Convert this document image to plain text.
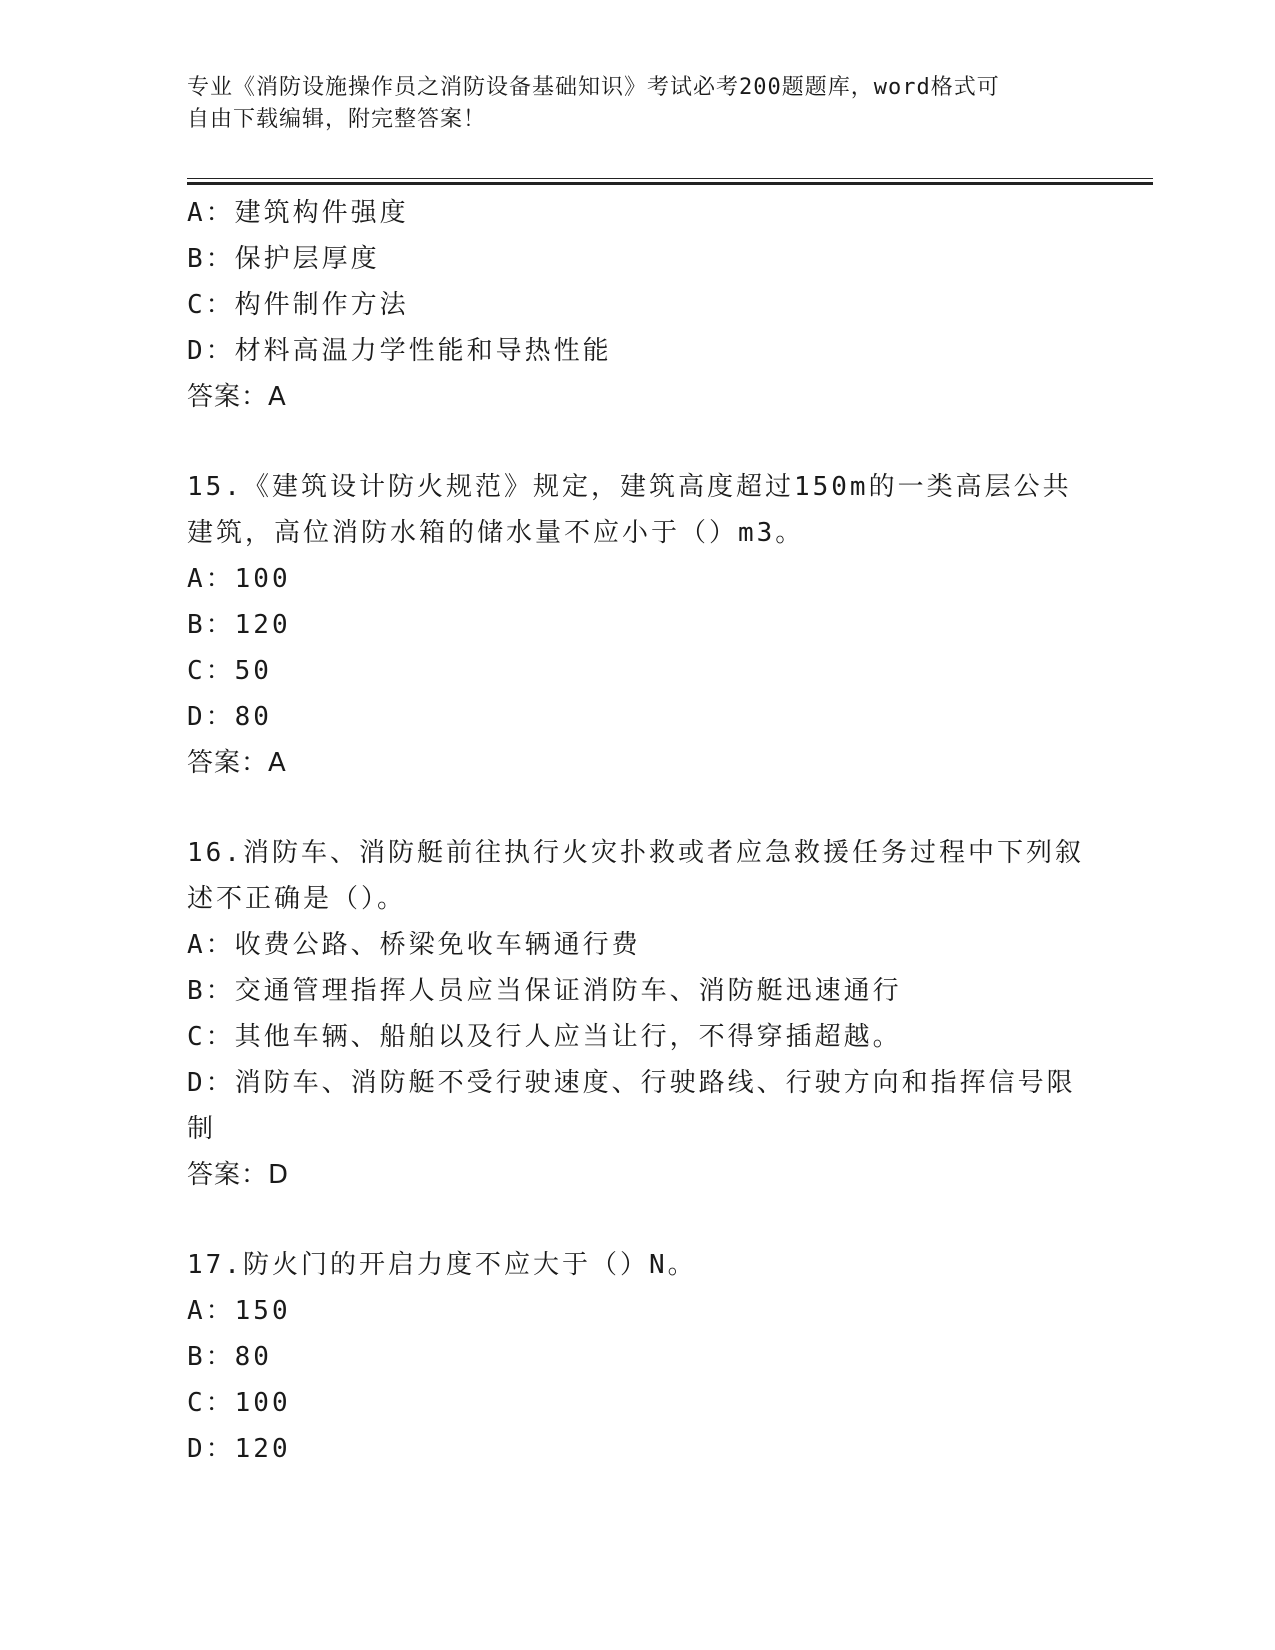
专业《消防设施操作员之消防设备基础知识》考试必考200题题库，word格式可
自由下载编辑，附完整答案！
A：建筑构件强度
B：保护层厚度
C：构件制作方法
D：材料高温力学性能和导热性能
答案：A
15.《建筑设计防火规范》规定，建筑高度超过150m的一类高层公共
建筑，高位消防水箱的储水量不应小于（）m3。
A：100
B：120
C：50
D：80
答案：A
16.消防车、消防艇前往执行火灾扑救或者应急救援任务过程中下列叙
述不正确是（）。
A：收费公路、桥梁免收车辆通行费
B：交通管理指挥人员应当保证消防车、消防艇迅速通行
C：其他车辆、船舶以及行人应当让行，不得穿插超越。
D：消防车、消防艇不受行驶速度、行驶路线、行驶方向和指挥信号限
制
答案：D
17.防火门的开启力度不应大于（）N。
A：150
B：80
C：100
D：120
